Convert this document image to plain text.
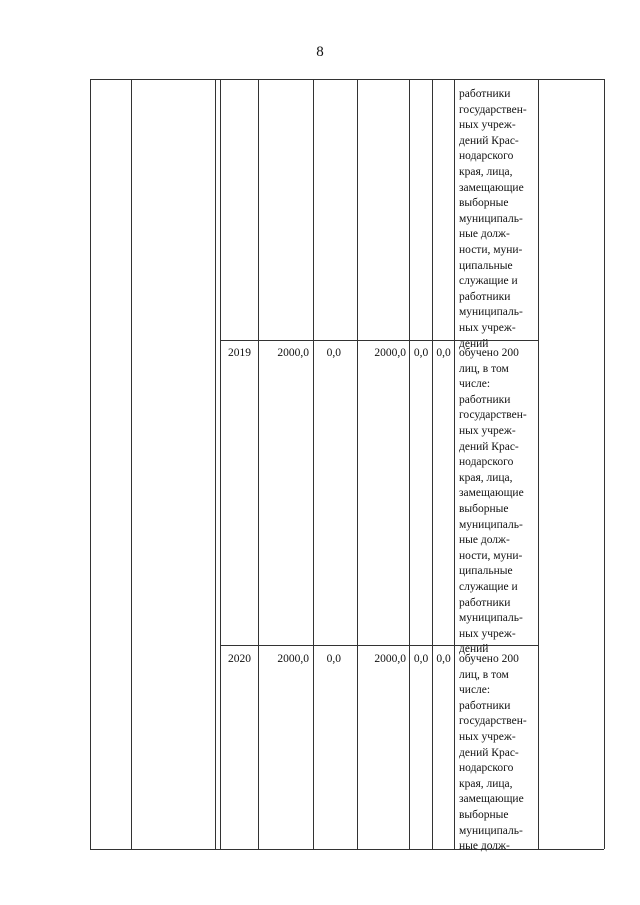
8
работники
государствен-
ных учреж-
дений Крас-
нодарского
края, лица,
замещающие
выборные
муниципаль-
ные долж-
ности, муни-
ципальные
служащие и
работники
муниципаль-
ных учреж-
дений
2019	2000,0	0,0	2000,0 0,0 0,0 обучено 200
лиц, в том
числе:
работники
государствен-
ных учреж-
дений Крас-
нодарского
края, лица,
замещающие
выборные
муниципаль-
ные долж-
ности, муни-
ципальные
служащие и
работники
муниципаль-
ных учреж-
дений
2020	2000,0	0,0	2000,0 0,0 0,0 обучено 200
лиц, в том
числе:
работники
государствен-
ных учреж-
дений Крас-
нодарского
края, лица,
замещающие
выборные
муниципаль-
ные долж-
